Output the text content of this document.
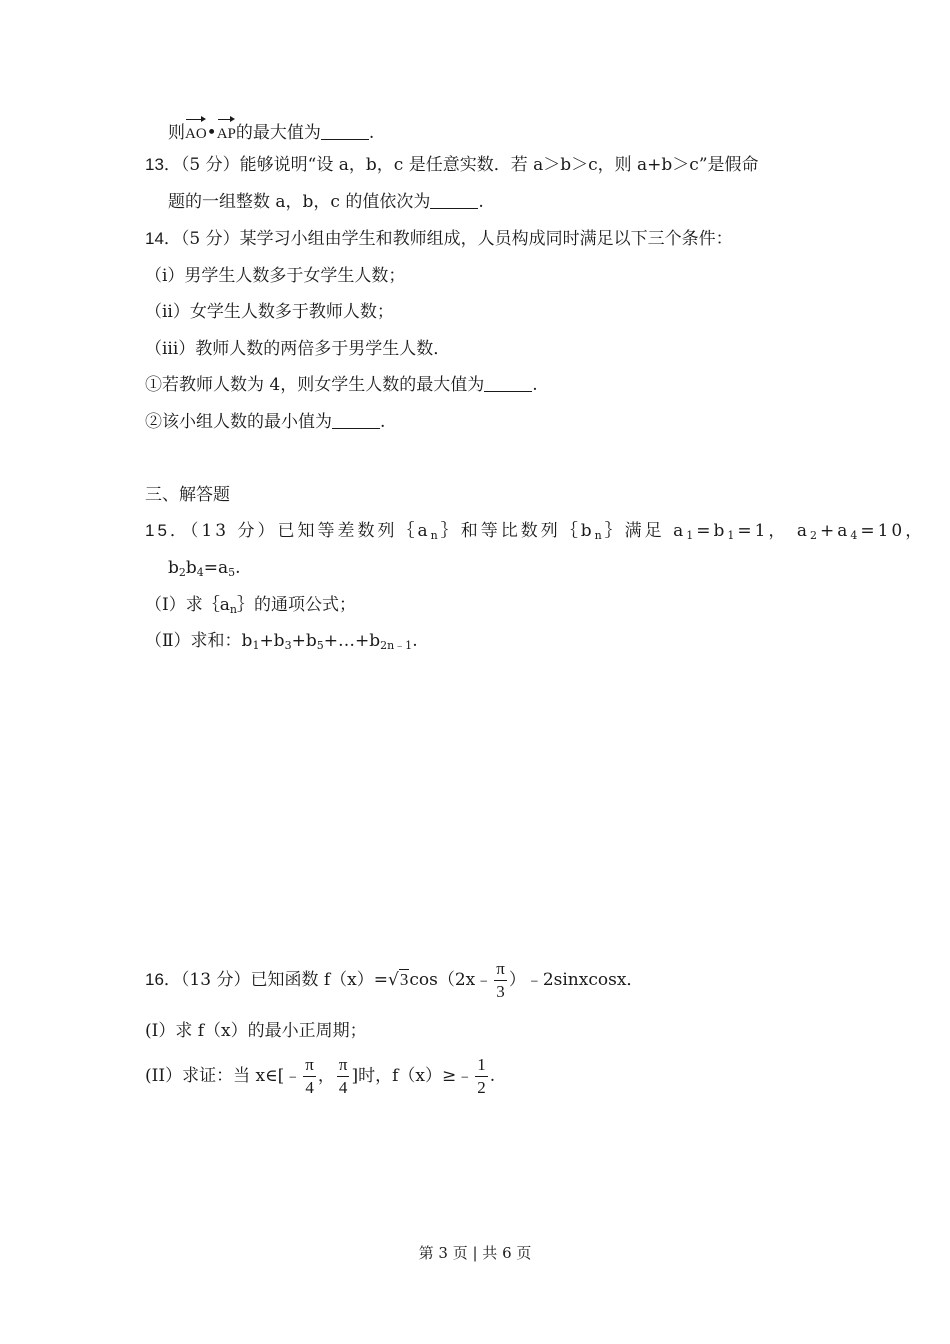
则AO•AP的最大值为	.
13．（5 分）能够说明“设 a，b，c 是任意实数．若 a＞b＞c，则 a+b＞c”是假命
题的一组整数 a，b，c 的值依次为	.
14．（5 分）某学习小组由学生和教师组成，人员构成同时满足以下三个条件：
（i）男学生人数多于女学生人数；
（ii）女学生人数多于教师人数；
（iii）教师人数的两倍多于男学生人数．
①若教师人数为 4，则女学生人数的最大值为	.
②该小组人数的最小值为	.
三、解答题
15．（13 分）已知等差数列$\{a_n\}$和等比数列$\{b_n\}$满足 $a_1=b_1=1$， $a_2+a_4=10$，
$b_2b_4=a_5$.
（Ⅰ）求$\{a_n\}$的通项公式；
（Ⅱ）求和：$b_1+b_3+b_5+\dots+b_{2n﹣1}$.
16．（13 分）已知函数 f（x）=√3cos（2x﹣ $\frac{\pi}{3}$ ）﹣2sinxcosx．
(I）求 f（x）的最小正周期；
(II）求证：当 x∈[﹣ $\frac{\pi}{4}$ ， $\frac{\pi}{4}$ ]时，f（x）≥﹣ $\frac{1}{2}$ .
第 3 页 | 共 6 页
